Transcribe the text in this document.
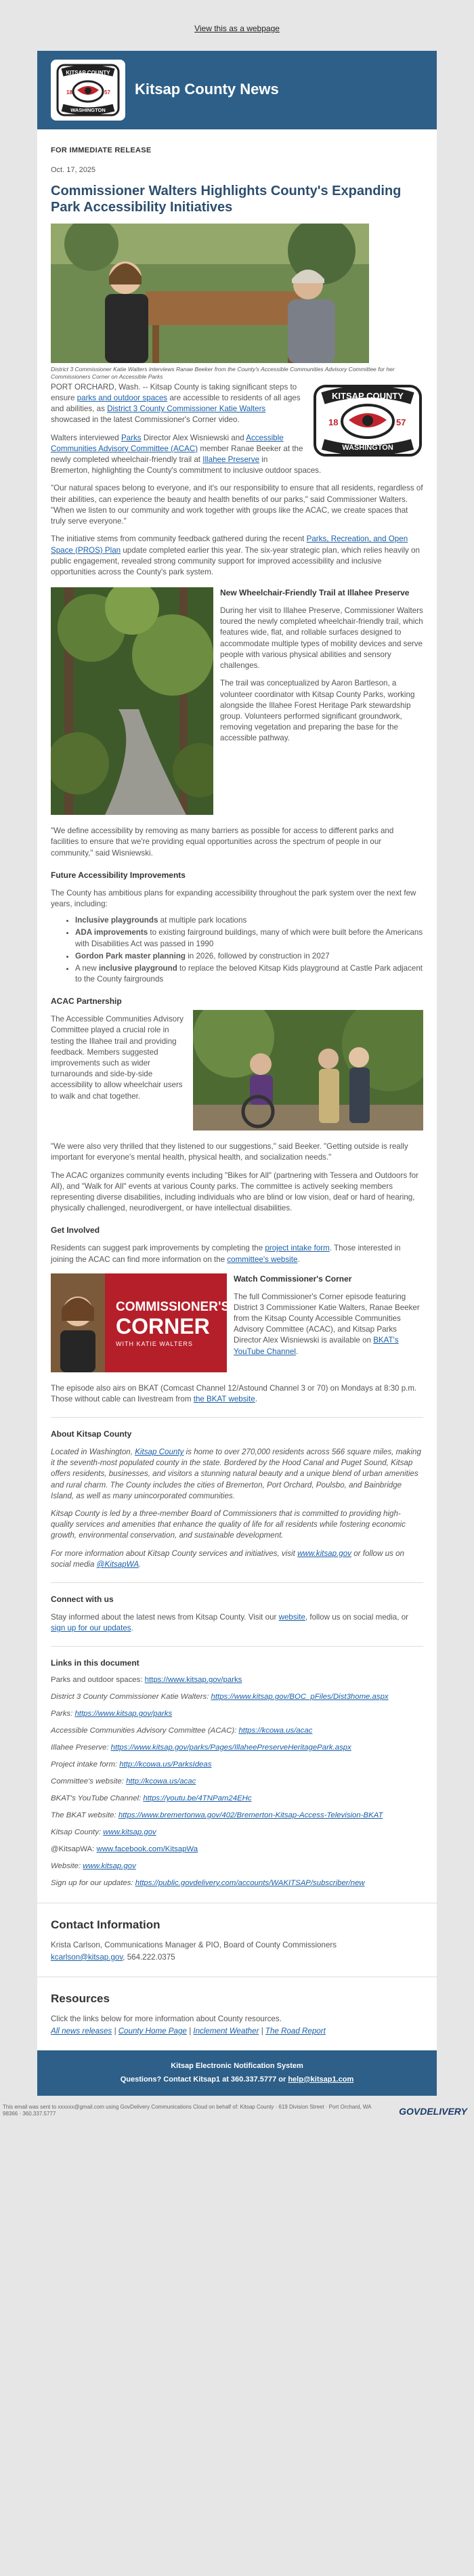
View this as a webpage
KITSAP COUNTY
18	57
WASHINGTON
Kitsap County News
FOR IMMEDIATE RELEASE
Oct. 17, 2025
Commissioner Walters Highlights County's Expanding Park Accessibility Initiatives
District 3 Commissioner Katie Walters interviews Ranae Beeker from the County's Accessible Communities Advisory Committee for her Commissioners Corner on Accessible Parks
KITSAP COUNTY
18	57
WASHINGTON

PORT ORCHARD, Wash. -- Kitsap County is taking significant steps to ensure parks and outdoor spaces are accessible to residents of all ages and abilities, as District 3 County Commissioner Katie Walters showcased in the latest Commissioner's Corner video.

Walters interviewed Parks Director Alex Wisniewski and Accessible Communities Advisory Committee (ACAC) member Ranae Beeker at the newly completed wheelchair-friendly trail at Illahee Preserve in Bremerton, highlighting the County's commitment to inclusive outdoor spaces.

"Our natural spaces belong to everyone, and it's our responsibility to ensure that all residents, regardless of their abilities, can experience the beauty and health benefits of our parks," said Commissioner Walters. "When we listen to our community and work together with groups like the ACAC, we create spaces that truly serve everyone."

The initiative stems from community feedback gathered during the recent Parks, Recreation, and Open Space (PROS) Plan update completed earlier this year. The six-year strategic plan, which relies heavily on public engagement, revealed strong community support for improved accessibility and inclusive opportunities across the County's park system.

New Wheelchair-Friendly Trail at Illahee Preserve

During her visit to Illahee Preserve, Commissioner Walters toured the newly completed wheelchair-friendly trail, which features wide, flat, and rollable surfaces designed to accommodate multiple types of mobility devices and serve people with various physical abilities and sensory challenges.

The trail was conceptualized by Aaron Bartleson, a volunteer coordinator with Kitsap County Parks, working alongside the Illahee Forest Heritage Park stewardship group. Volunteers performed significant groundwork, removing vegetation and preparing the base for the accessible pathway.

"We define accessibility by removing as many barriers as possible for access to different parks and facilities to ensure that we're providing equal opportunities across the spectrum of people in our community," said Wisniewski.

Future Accessibility Improvements

The County has ambitious plans for expanding accessibility throughout the park system over the next few years, including:

• Inclusive playgrounds at multiple park locations
• ADA improvements to existing fairground buildings, many of which were built before the Americans with Disabilities Act was passed in 1990
• Gordon Park master planning in 2026, followed by construction in 2027
• A new inclusive playground to replace the beloved Kitsap Kids playground at Castle Park adjacent to the County fairgrounds
ACAC Partnership

The Accessible Communities Advisory Committee played a crucial role in testing the Illahee trail and providing feedback. Members suggested improvements such as wider turnarounds and side-by-side accessibility to allow wheelchair users to walk and chat together.

"We were also very thrilled that they listened to our suggestions," said Beeker. "Getting outside is really important for everyone's mental health, physical health, and socialization needs."

The ACAC organizes community events including "Bikes for All" (partnering with Tessera and Outdoors for All), and "Walk for All" events at various County parks. The committee is actively seeking members representing diverse disabilities, including individuals who are blind or low vision, deaf or hard of hearing, physically challenged, neurodivergent, or have intellectual disabilities.

Get Involved

Residents can suggest park improvements by completing the project intake form. Those interested in joining the ACAC can find more information on the committee's website.

COMMISSIONER'S
CORNER
WITH KATIE WALTERS
Watch Commissioner's Corner

The full Commissioner's Corner episode featuring District 3 Commissioner Katie Walters, Ranae Beeker from the Kitsap County Accessible Communities Advisory Committee (ACAC), and Kitsap Parks Director Alex Wisniewski is available on BKAT's YouTube Channel.

The episode also airs on BKAT (Comcast Channel 12/Astound Channel 3 or 70) on Mondays at 8:30 p.m. Those without cable can livestream from the BKAT website.

About Kitsap County

Located in Washington, Kitsap County is home to over 270,000 residents across 566 square miles, making it the seventh-most populated county in the state. Bordered by the Hood Canal and Puget Sound, Kitsap offers residents, businesses, and visitors a stunning natural beauty and a unique blend of urban amenities and rural charm. The County includes the cities of Bremerton, Port Orchard, Poulsbo, and Bainbridge Island, as well as many unincorporated communities.

Kitsap County is led by a three-member Board of Commissioners that is committed to providing high-quality services and amenities that enhance the quality of life for all residents while fostering economic growth, environmental conservation, and sustainable development.

For more information about Kitsap County services and initiatives, visit www.kitsap.gov or follow us on social media @KitsapWA.

Connect with us

Stay informed about the latest news from Kitsap County. Visit our website, follow us on social media, or sign up for our updates.

Links in this document

Parks and outdoor spaces: https://www.kitsap.gov/parks

District 3 County Commissioner Katie Walters: https://www.kitsap.gov/BOC_pFiles/Dist3home.aspx

Parks: https://www.kitsap.gov/parks

Accessible Communities Advisory Committee (ACAC): https://kcowa.us/acac

Illahee Preserve: https://www.kitsap.gov/parks/Pages/IllaheePreserveHeritagePark.aspx

Project intake form: http://kcowa.us/ParksIdeas

Committee's website: http://kcowa.us/acac

BKAT's YouTube Channel: https://youtu.be/4TNPam24EHc

The BKAT website: https://www.bremertonwa.gov/402/Bremerton-Kitsap-Access-Television-BKAT

Kitsap County: www.kitsap.gov

@KitsapWA: www.facebook.com/KitsapWa

Website: www.kitsap.gov

Sign up for our updates: https://public.govdelivery.com/accounts/WAKITSAP/subscriber/new

Contact Information

Krista Carlson, Communications Manager & PIO, Board of County Commissioners

kcarlson@kitsap.gov, 564.222.0375

Resources

Click the links below for more information about County resources.

All news releases | County Home Page | Inclement Weather | The Road Report

Kitsap Electronic Notification System
Questions? Contact Kitsap1 at 360.337.5777 or help@kitsap1.com
This email was sent to xxxxxx@gmail.com using GovDelivery Communications Cloud on behalf of: Kitsap County · 619 Division Street · Port Orchard, WA 98366 · 360.337.5777	GOVDELIVERY
